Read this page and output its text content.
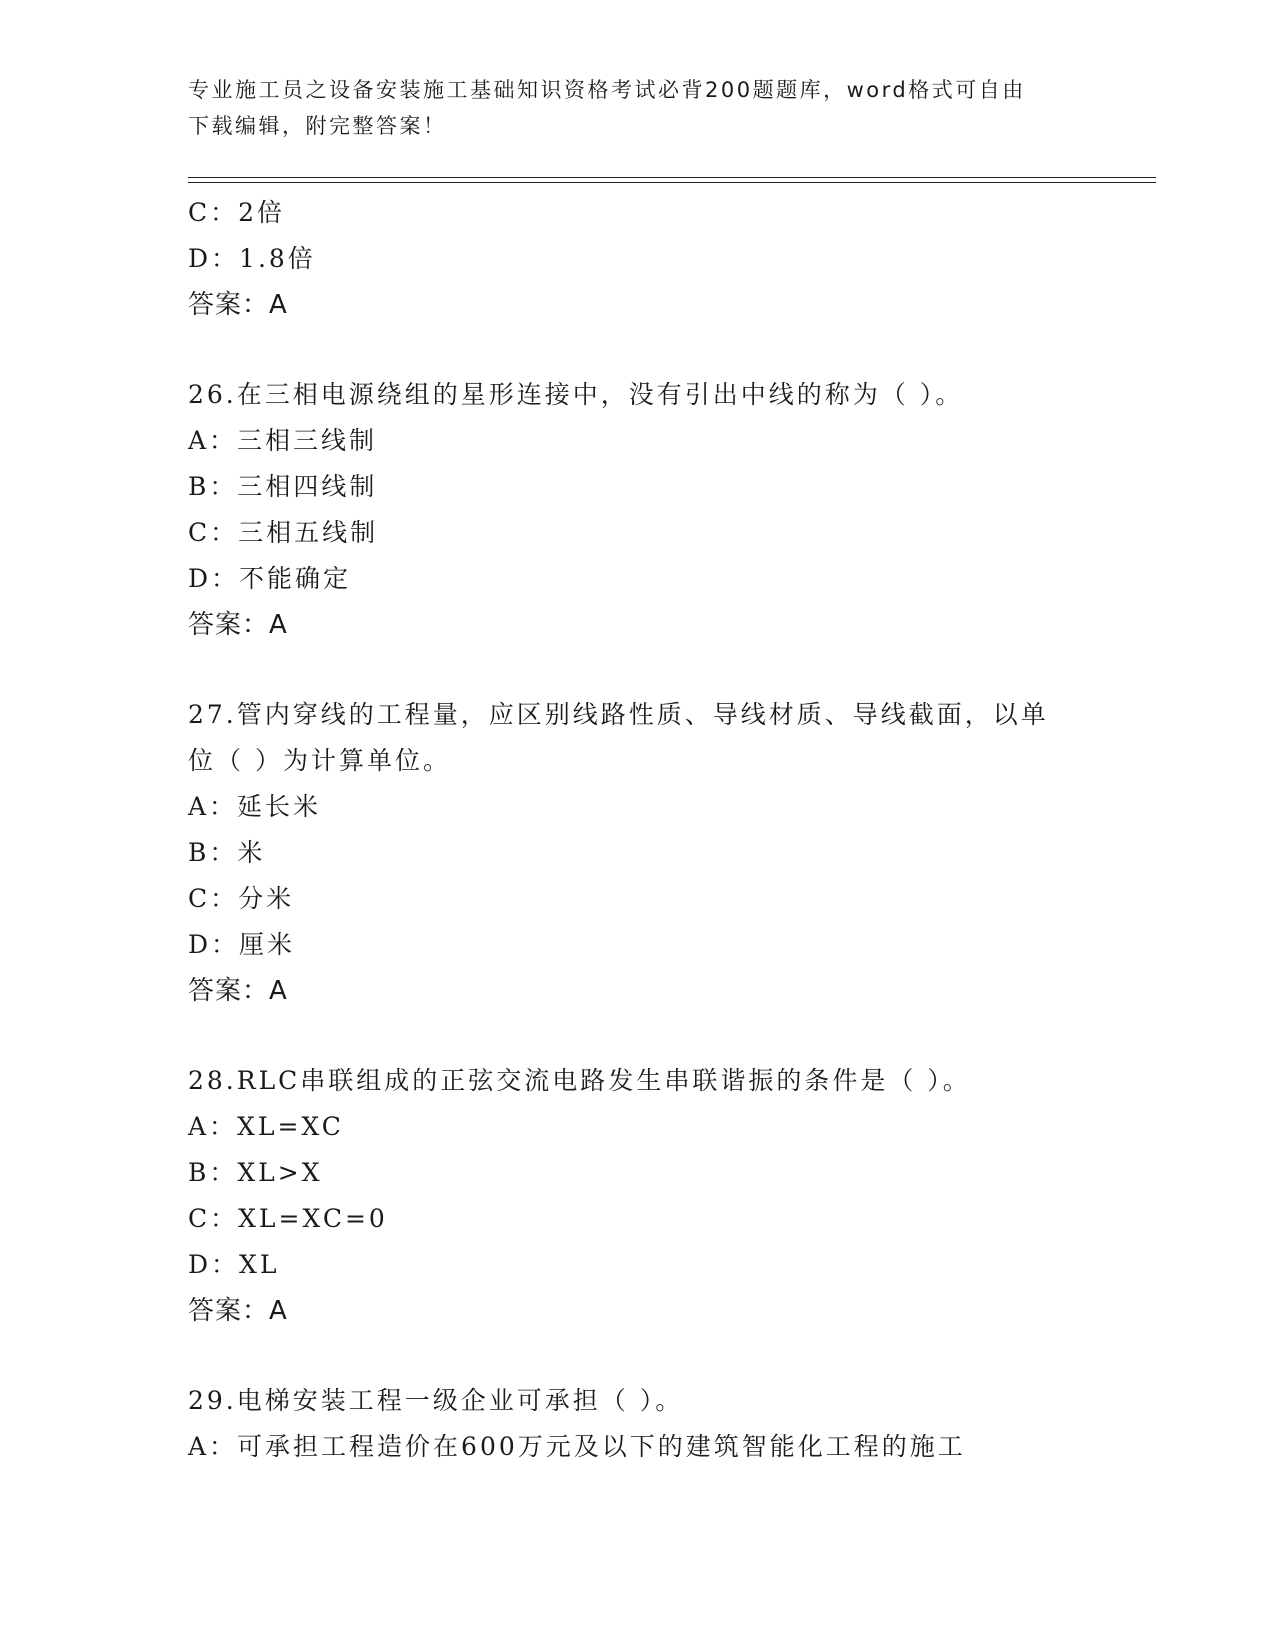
专业施工员之设备安装施工基础知识资格考试必背200题题库，word格式可自由
下载编辑，附完整答案！
C：2倍
D：1.8倍
答案：A
26.在三相电源绕组的星形连接中，没有引出中线的称为（ ）。
A：三相三线制
B：三相四线制
C：三相五线制
D：不能确定
答案：A
27.管内穿线的工程量，应区别线路性质、导线材质、导线截面，以单
位（ ）为计算单位。
A：延长米
B：米
C：分米
D：厘米
答案：A
28.RLC串联组成的正弦交流电路发生串联谐振的条件是（ ）。
A：XL=XC
B：XL>X
C：XL=XC=0
D：XL
答案：A
29.电梯安装工程一级企业可承担（ ）。
A：可承担工程造价在600万元及以下的建筑智能化工程的施工
